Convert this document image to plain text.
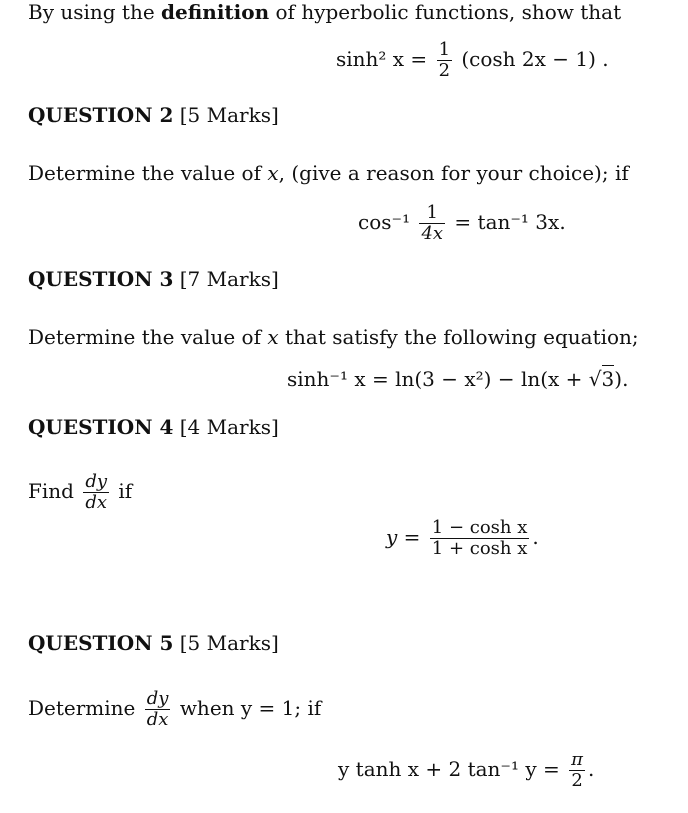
By using the definition of hyperbolic functions, show that
sinh² $x = \frac{1}{2} (\cosh$ 2x − 1) .
QUESTION 2 [5 Marks]
Determine the value of x, (give a reason for your choice); if
$\cos^{-1} \frac{1}{4x} = \tan^{-1}$ 3x.
QUESTION 3 [7 Marks]
Determine the value of x that satisfy the following equation;
sinh⁻¹ x = ln(3 − x²) − ln(x + √3).
QUESTION 4 [4 Marks]
Find $\frac{dy}{dx}$ if
$y = \frac{\text{1 − cosh x}}{\text{1 + cosh x}}$ .
QUESTION 5 [5 Marks]
Determine $\frac{dy}{dx}$ when y = 1; if
y tanh x + 2 tan⁻¹ $y = \frac{\pi}{2}$ .
